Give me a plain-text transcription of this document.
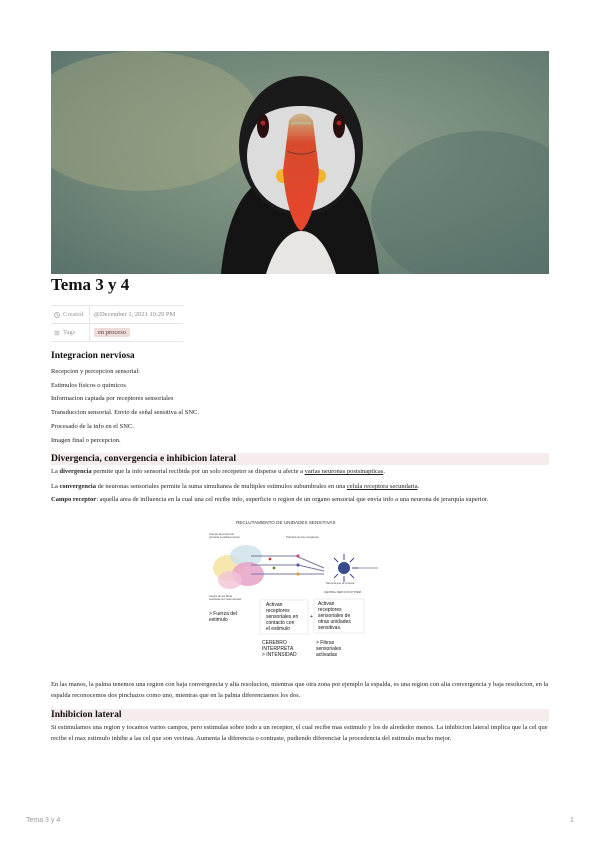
Tema 3 y 4
Created	@December 1, 2021 10:29 PM
Tags	en proceso
Integracion nerviosa

Recepcion y percepcion sensorial:

Estimulos fisicos o quimicos

Informacion captada por receptores sensoriales

Transduccion sensorial. Envio de señal sensitiva al SNC.

Procesado de la info en el SNC.

Imagen final o percepcion.

Divergencia, convergencia e inhibicion lateral

La divergencia permite que la info sensorial recibida por un solo recepetor se disperse u afecte a varias neuronas postsinapticas.

La convergencia de neuronas sensoriales permite la suma simultanea de multiples estimulos subumbrales en una celula receptora secundaria.

Campo receptor: aquella area de influencia en la cual una cel recibe info, superficie o region de un organo sensorial que envía info a una neurona de jerarquía superior.

RECLUTAMIENTO DE UNIDADES SENSITIVAS
Campo del estímulo
primaria sensitiva neural	Primaria de los receptores
Neurona que se conecta
CENTRAL NERVOUS SYSTEM
Campo de los fibras
sensitivas son más intensas
> Fuerza del
estimulo
Activan
receptores
sensoriales en
contacto con
el estimulo
+
Activan
receptores
sensoriales de
otras unidades
sensitivas.
CEREBRO
INTERPRETA
> INTENSIDAD
> Fibras
sensoriales
activadas

En las manos, la palma tenemos una region con baja convergencia y alta resolucion, mientras que otra zona por ejemplo la espalda, es una region con alta convergencia y baja resolucion, en la espalda reconocemos dos pinchazos como uno, mientras que en la palma diferenciamos los dos.

Inhibicion lateral

Si estimulamos una region y tocamos varios campos, pero estimulas sobre todo a un receptor, el cual recibe mas estimulo y los de alrededor menos. La inhibicion lateral implica que la cel que recibe el max estimulo inhibe a las cel que son vecinas. Aumenta la diferencia o contraste, pudiendo diferenciar la procedencia del estimulo mucho mejor.

Tema 3 y 4	1
